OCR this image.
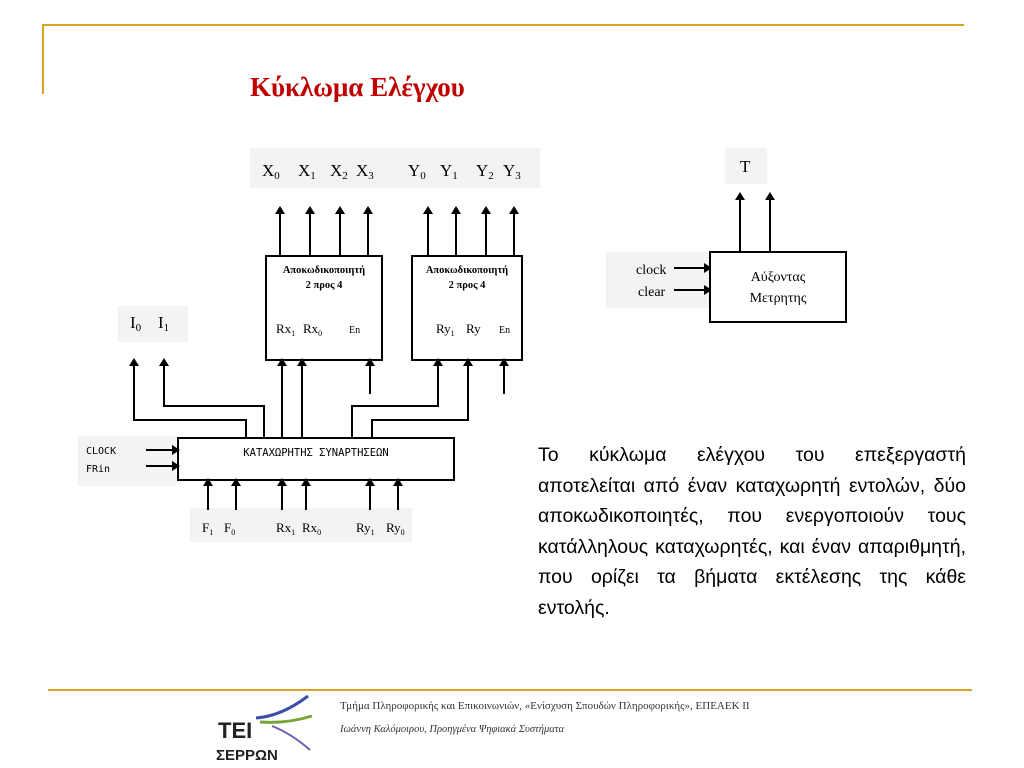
Κύκλωμα Ελέγχου
X0 X1 X2 X3 Y0 Y1 Y2 Y3
Αποκωδικοποιητή
2 προς 4
$Rx_1$ $Rx_0$	En
Αποκωδικοποιητή
2 προς 4
$Ry_1$ Ry En
I0 I1
ΚΑΤΑΧΩΡΗΤΗΣ ΣΥΝΑΡΤΗΣΕΩΝ
CLOCK
FRin
$F_1$ $F_0$	$Rx_1$ $Rx_0$	$Ry_1$ $Ry_0$
T
Αύξοντας
Μετρητης
clock
clear
Το κύκλωμα ελέγχου του επεξεργαστή αποτελείται από έναν καταχωρητή εντολών, δύο αποκωδικοποιητές, που ενεργοποιούν τους κατάλληλους καταχωρητές, και έναν απαριθμητή, που ορίζει τα βήματα εκτέλεσης της κάθε εντολής.
ΤΕΙ
ΣΕΡΡΩΝ
Τμήμα Πληροφορικής και Επικοινωνιών, «Ενίσχυση Σπουδών Πληροφορικής», ΕΠΕΑΕΚ ΙΙ
Ιωάννη Καλόμοιρου, Προηγμένα Ψηφιακά Συστήματα
